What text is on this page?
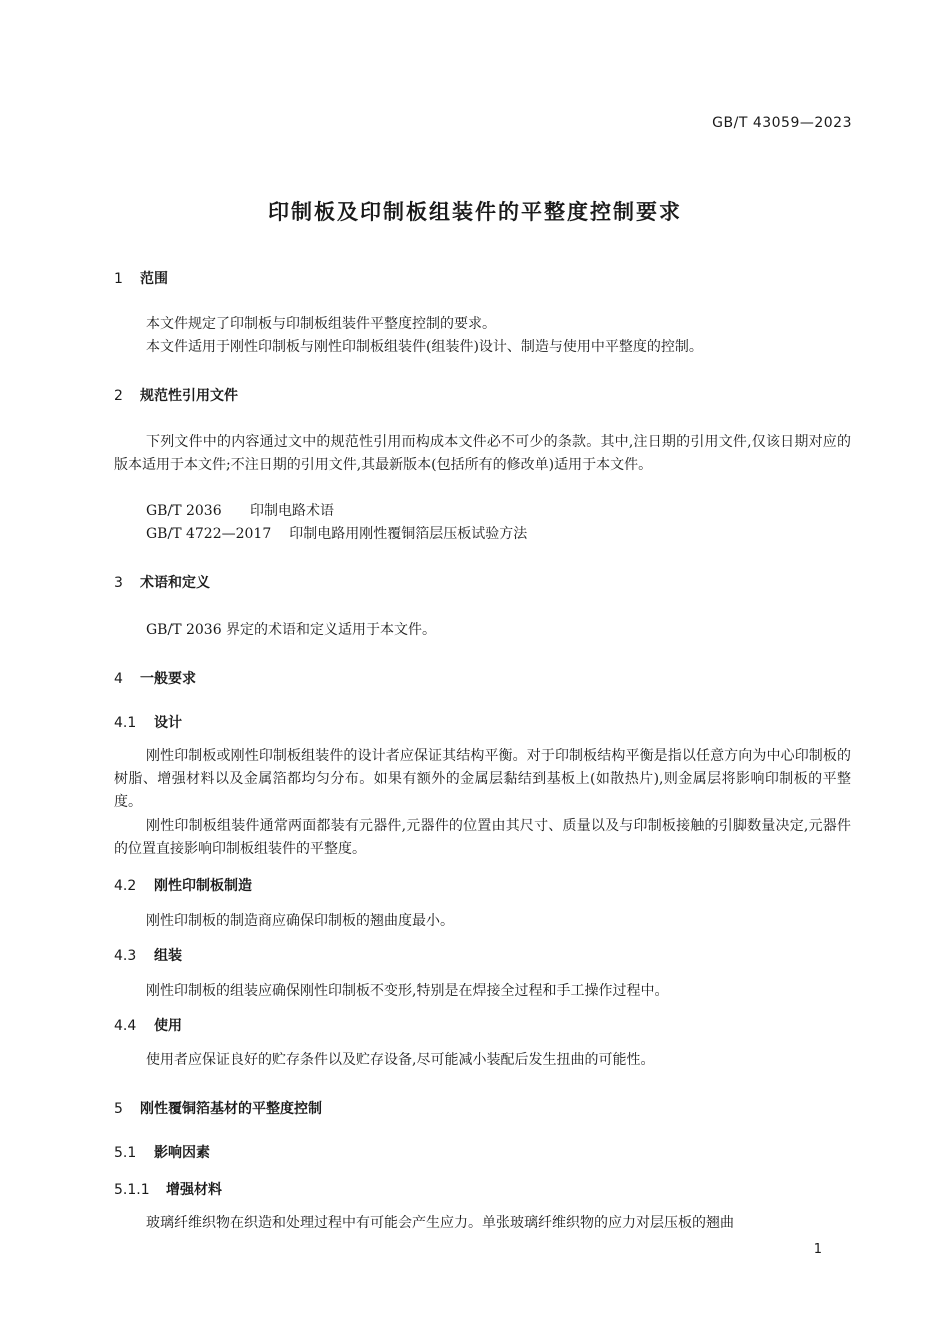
GB/T 43059—2023
印制板及印制板组装件的平整度控制要求
1 范围
本文件规定了印制板与印制板组装件平整度控制的要求。
本文件适用于刚性印制板与刚性印制板组装件(组装件)设计、制造与使用中平整度的控制。
2 规范性引用文件
下列文件中的内容通过文中的规范性引用而构成本文件必不可少的条款。其中,注日期的引用文件,仅该日期对应的版本适用于本文件;不注日期的引用文件,其最新版本(包括所有的修改单)适用于本文件。
GB/T 2036 印制电路术语
GB/T 4722—2017 印制电路用刚性覆铜箔层压板试验方法
3 术语和定义
GB/T 2036 界定的术语和定义适用于本文件。
4 一般要求
4.1 设计
刚性印制板或刚性印制板组装件的设计者应保证其结构平衡。对于印制板结构平衡是指以任意方向为中心印制板的树脂、增强材料以及金属箔都均匀分布。如果有额外的金属层黏结到基板上(如散热片),则金属层将影响印制板的平整度。
刚性印制板组装件通常两面都装有元器件,元器件的位置由其尺寸、质量以及与印制板接触的引脚数量决定,元器件的位置直接影响印制板组装件的平整度。
4.2 刚性印制板制造
刚性印制板的制造商应确保印制板的翘曲度最小。
4.3 组装
刚性印制板的组装应确保刚性印制板不变形,特别是在焊接全过程和手工操作过程中。
4.4 使用
使用者应保证良好的贮存条件以及贮存设备,尽可能减小装配后发生扭曲的可能性。
5 刚性覆铜箔基材的平整度控制
5.1 影响因素
5.1.1 增强材料
玻璃纤维织物在织造和处理过程中有可能会产生应力。单张玻璃纤维织物的应力对层压板的翘曲
1
